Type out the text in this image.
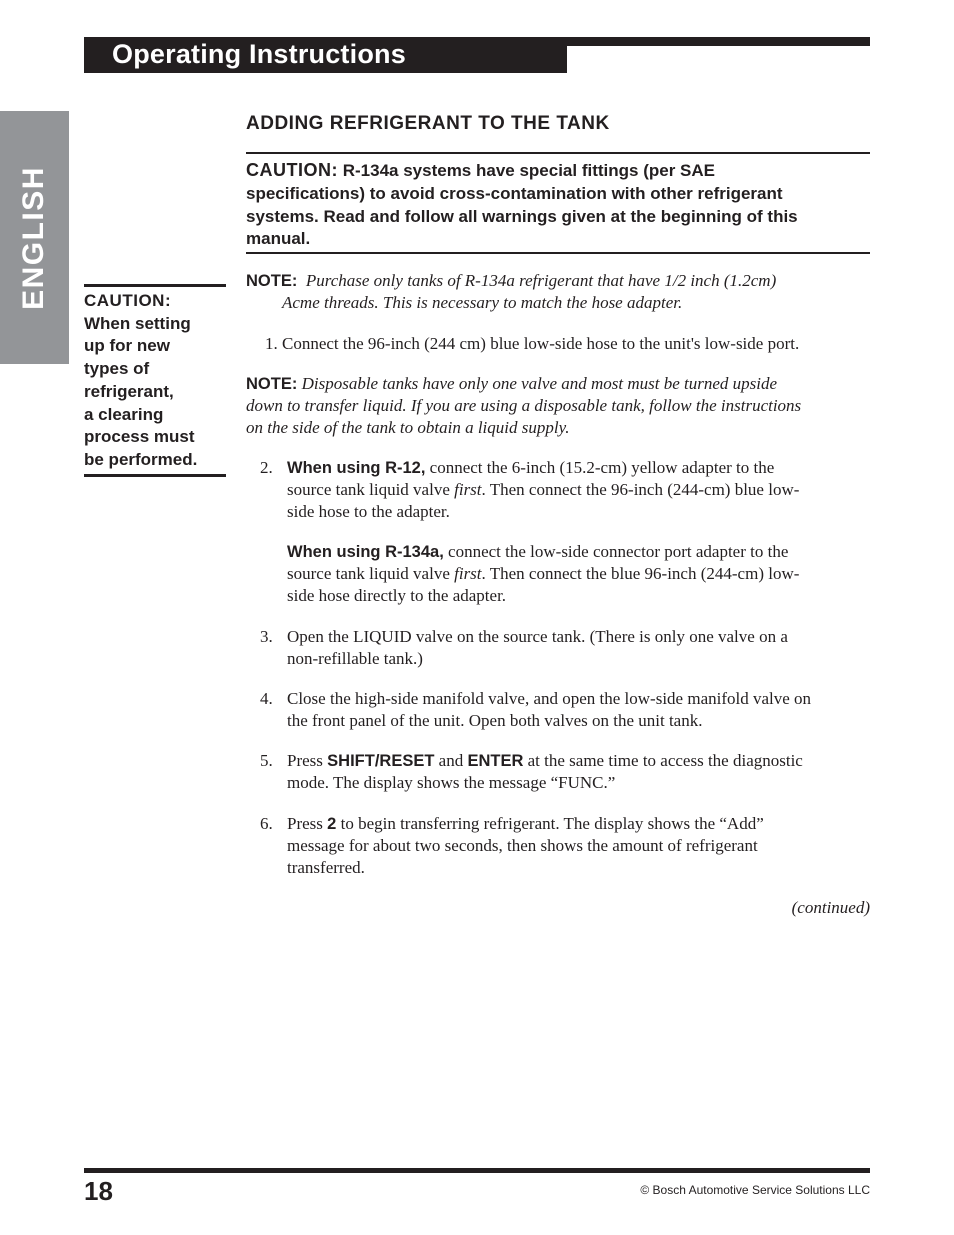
Operating Instructions
ENGLISH CAUTION:
When setting
up for new
types of
refrigerant,
a clearing
process must
be performed.
ADDING REFRIGERANT TO THE TANK
CAUTION: R-134a systems have special fittings (per SAE
specifications) to avoid cross-contamination with other refrigerant
systems. Read and follow all warnings given at the beginning of this
manual.
NOTE: Purchase only tanks of R-134a refrigerant that have 1/2 inch (1.2cm)
Acme threads. This is necessary to match the hose adapter.
1. Connect the 96-inch (244 cm) blue low-side hose to the unit's low-side port.
NOTE: Disposable tanks have only one valve and most must be turned upside
down to transfer liquid. If you are using a disposable tank, follow the instructions
on the side of the tank to obtain a liquid supply.
2. When using R-12, connect the 6-inch (15.2-cm) yellow adapter to the
source tank liquid valve first. Then connect the 96-inch (244-cm) blue low-
side hose to the adapter.
When using R-134a, connect the low-side connector port adapter to the
source tank liquid valve first. Then connect the blue 96-inch (244-cm) low-
side hose directly to the adapter.
3. Open the LIQUID valve on the source tank. (There is only one valve on a
non-refillable tank.)
4. Close the high-side manifold valve, and open the low-side manifold valve on
the front panel of the unit. Open both valves on the unit tank.
5. Press SHIFT/RESET and ENTER at the same time to access the diagnostic
mode. The display shows the message “FUNC.”
6. Press 2 to begin transferring refrigerant. The display shows the “Add”
message for about two seconds, then shows the amount of refrigerant
transferred.
(continued)
18	© Bosch Automotive Service Solutions LLC
